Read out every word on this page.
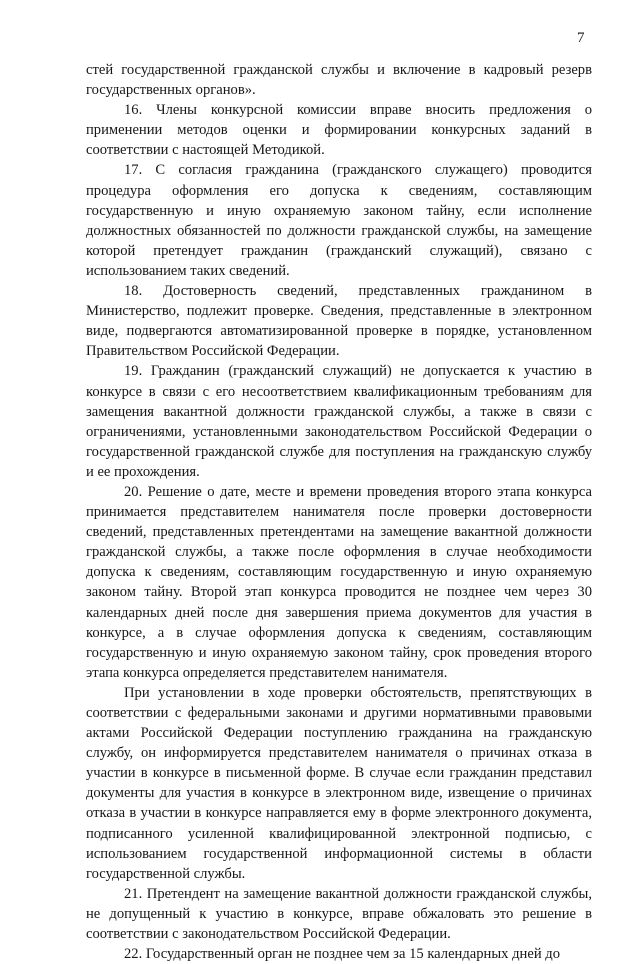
7

стей государственной гражданской службы и включение в кадровый резерв государственных органов».

16. Члены конкурсной комиссии вправе вносить предложения о применении методов оценки и формировании конкурсных заданий в соответствии с настоящей Методикой.

17. С согласия гражданина (гражданского служащего) проводится процедура оформления его допуска к сведениям, составляющим государственную и иную охраняемую законом тайну, если исполнение должностных обязанностей по должности гражданской службы, на замещение которой претендует гражданин (гражданский служащий), связано с использованием таких сведений.

18. Достоверность сведений, представленных гражданином в Министерство, подлежит проверке. Сведения, представленные в электронном виде, подвергаются автоматизированной проверке в порядке, установленном Правительством Российской Федерации.

19. Гражданин (гражданский служащий) не допускается к участию в конкурсе в связи с его несоответствием квалификационным требованиям для замещения вакантной должности гражданской службы, а также в связи с ограничениями, установленными законодательством Российской Федерации о государственной гражданской службе для поступления на гражданскую службу и ее прохождения.

20. Решение о дате, месте и времени проведения второго этапа конкурса принимается представителем нанимателя после проверки достоверности сведений, представленных претендентами на замещение вакантной должности гражданской службы, а также после оформления в случае необходимости допуска к сведениям, составляющим государственную и иную охраняемую законом тайну. Второй этап конкурса проводится не позднее чем через 30 календарных дней после дня завершения приема документов для участия в конкурсе, а в случае оформления допуска к сведениям, составляющим государственную и иную охраняемую законом тайну, срок проведения второго этапа конкурса определяется представителем нанимателя.

При установлении в ходе проверки обстоятельств, препятствующих в соответствии с федеральными законами и другими нормативными правовыми актами Российской Федерации поступлению гражданина на гражданскую службу, он информируется представителем нанимателя о причинах отказа в участии в конкурсе в письменной форме. В случае если гражданин представил документы для участия в конкурсе в электронном виде, извещение о причинах отказа в участии в конкурсе направляется ему в форме электронного документа, подписанного усиленной квалифицированной электронной подписью, с использованием государственной информационной системы в области государственной службы.

21. Претендент на замещение вакантной должности гражданской службы, не допущенный к участию в конкурсе, вправе обжаловать это решение в соответствии с законодательством Российской Федерации.

22. Государственный орган не позднее чем за 15 календарных дней до
